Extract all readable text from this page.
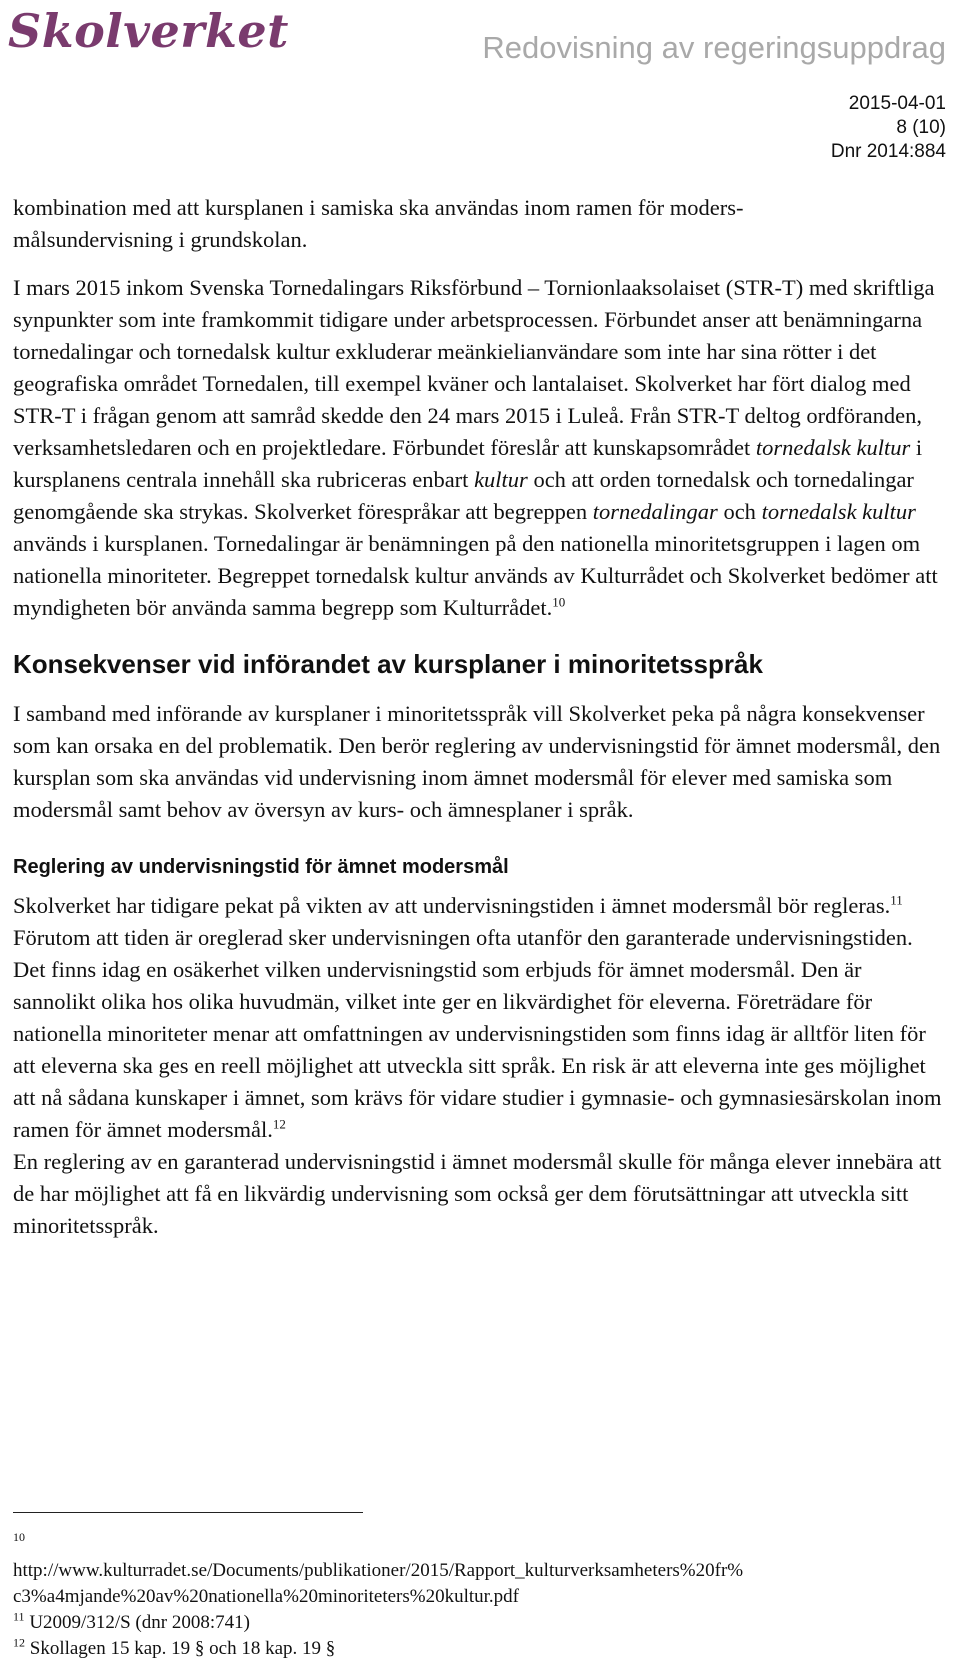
Skolverket	Redovisning av regeringsuppdrag
2015-04-01
8 (10)
Dnr 2014:884

kombination med att kursplanen i samiska ska användas inom ramen för moders-
målsundervisning i grundskolan.

I mars 2015 inkom Svenska Tornedalingars Riksförbund – Tornionlaaksolaiset (STR-T) med skriftliga synpunkter som inte framkommit tidigare under arbetsprocessen. Förbundet anser att benämningarna tornedalingar och tornedalsk kultur exkluderar meänkielianvändare som inte har sina rötter i det geografiska området Tornedalen, till exempel kväner och lantalaiset. Skolverket har fört dialog med STR-T i frågan genom att samråd skedde den 24 mars 2015 i Luleå. Från STR-T deltog ordföranden, verksamhetsledaren och en projektledare. Förbundet föreslår att kunskapsområdet tornedalsk kultur i kursplanens centrala innehåll ska rubriceras enbart kultur och att orden tornedalsk och tornedalingar genomgående ska strykas. Skolverket förespråkar att begreppen tornedalingar och tornedalsk kultur används i kursplanen. Tornedalingar är benämningen på den nationella minoritetsgruppen i lagen om nationella minoriteter. Begreppet tornedalsk kultur används av Kulturrådet och Skolverket bedömer att myndigheten bör använda samma begrepp som Kulturrådet.$^{10}$

Konsekvenser vid införandet av kursplaner i minoritetsspråk

I samband med införande av kursplaner i minoritetsspråk vill Skolverket peka på några konsekvenser som kan orsaka en del problematik. Den berör reglering av undervisningstid för ämnet modersmål, den kursplan som ska användas vid undervisning inom ämnet modersmål för elever med samiska som modersmål samt behov av översyn av kurs- och ämnesplaner i språk.

Reglering av undervisningstid för ämnet modersmål

Skolverket har tidigare pekat på vikten av att undervisningstiden i ämnet modersmål bör regleras.$^{11}$ Förutom att tiden är oreglerad sker undervisningen ofta utanför den garanterade undervisningstiden. Det finns idag en osäkerhet vilken undervisningstid som erbjuds för ämnet modersmål. Den är sannolikt olika hos olika huvudmän, vilket inte ger en likvärdighet för eleverna. Företrädare för nationella minoriteter menar att omfattningen av undervisningstiden som finns idag är alltför liten för att eleverna ska ges en reell möjlighet att utveckla sitt språk. En risk är att eleverna inte ges möjlighet att nå sådana kunskaper i ämnet, som krävs för vidare studier i gymnasie- och gymnasiesärskolan inom ramen för ämnet modersmål.$^{12}$
En reglering av en garanterad undervisningstid i ämnet modersmål skulle för många elever innebära att de har möjlighet att få en likvärdig undervisning som också ger dem förutsättningar att utveckla sitt minoritetsspråk.

10
http://www.kulturradet.se/Documents/publikationer/2015/Rapport_kulturverksamheters%20fr%
c3%a4mjande%20av%20nationella%20minoriteters%20kultur.pdf
$^{11}$ U2009/312/S (dnr 2008:741)
$^{12}$ Skollagen 15 kap. 19 § och 18 kap. 19 §
